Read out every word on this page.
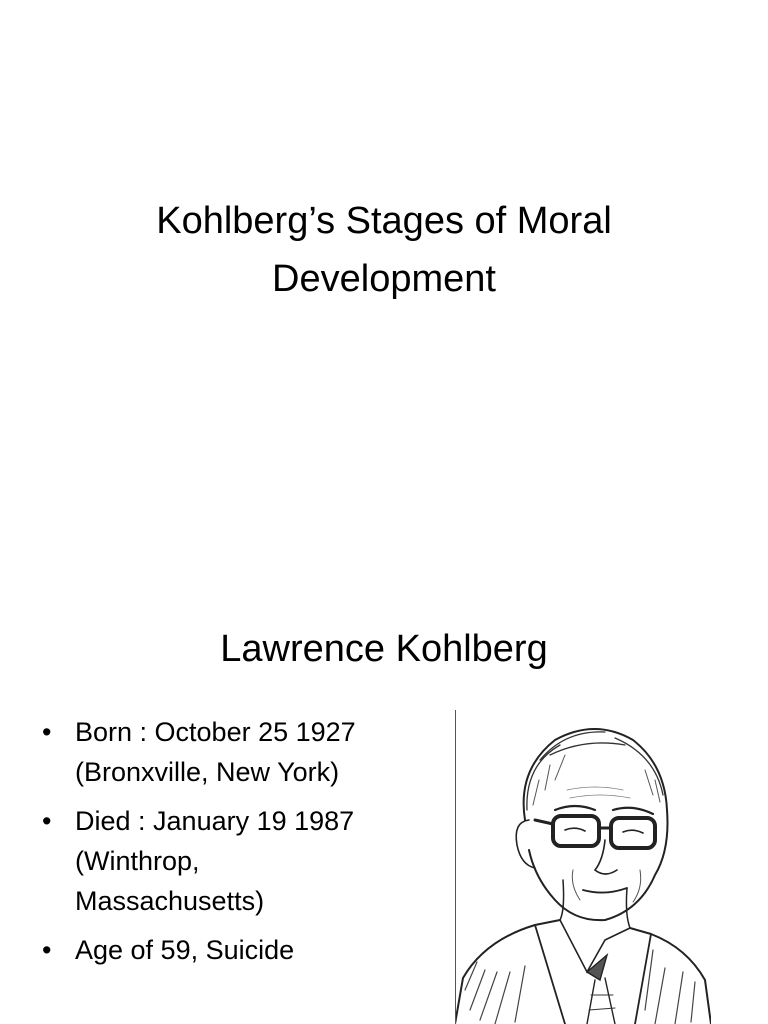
Kohlberg’s Stages of Moral
Development
Lawrence Kohlberg
• Born : October 25 1927
(Bronxville, New York)
• Died : January 19 1987
(Winthrop,
Massachusetts)
• Age of 59, Suicide
